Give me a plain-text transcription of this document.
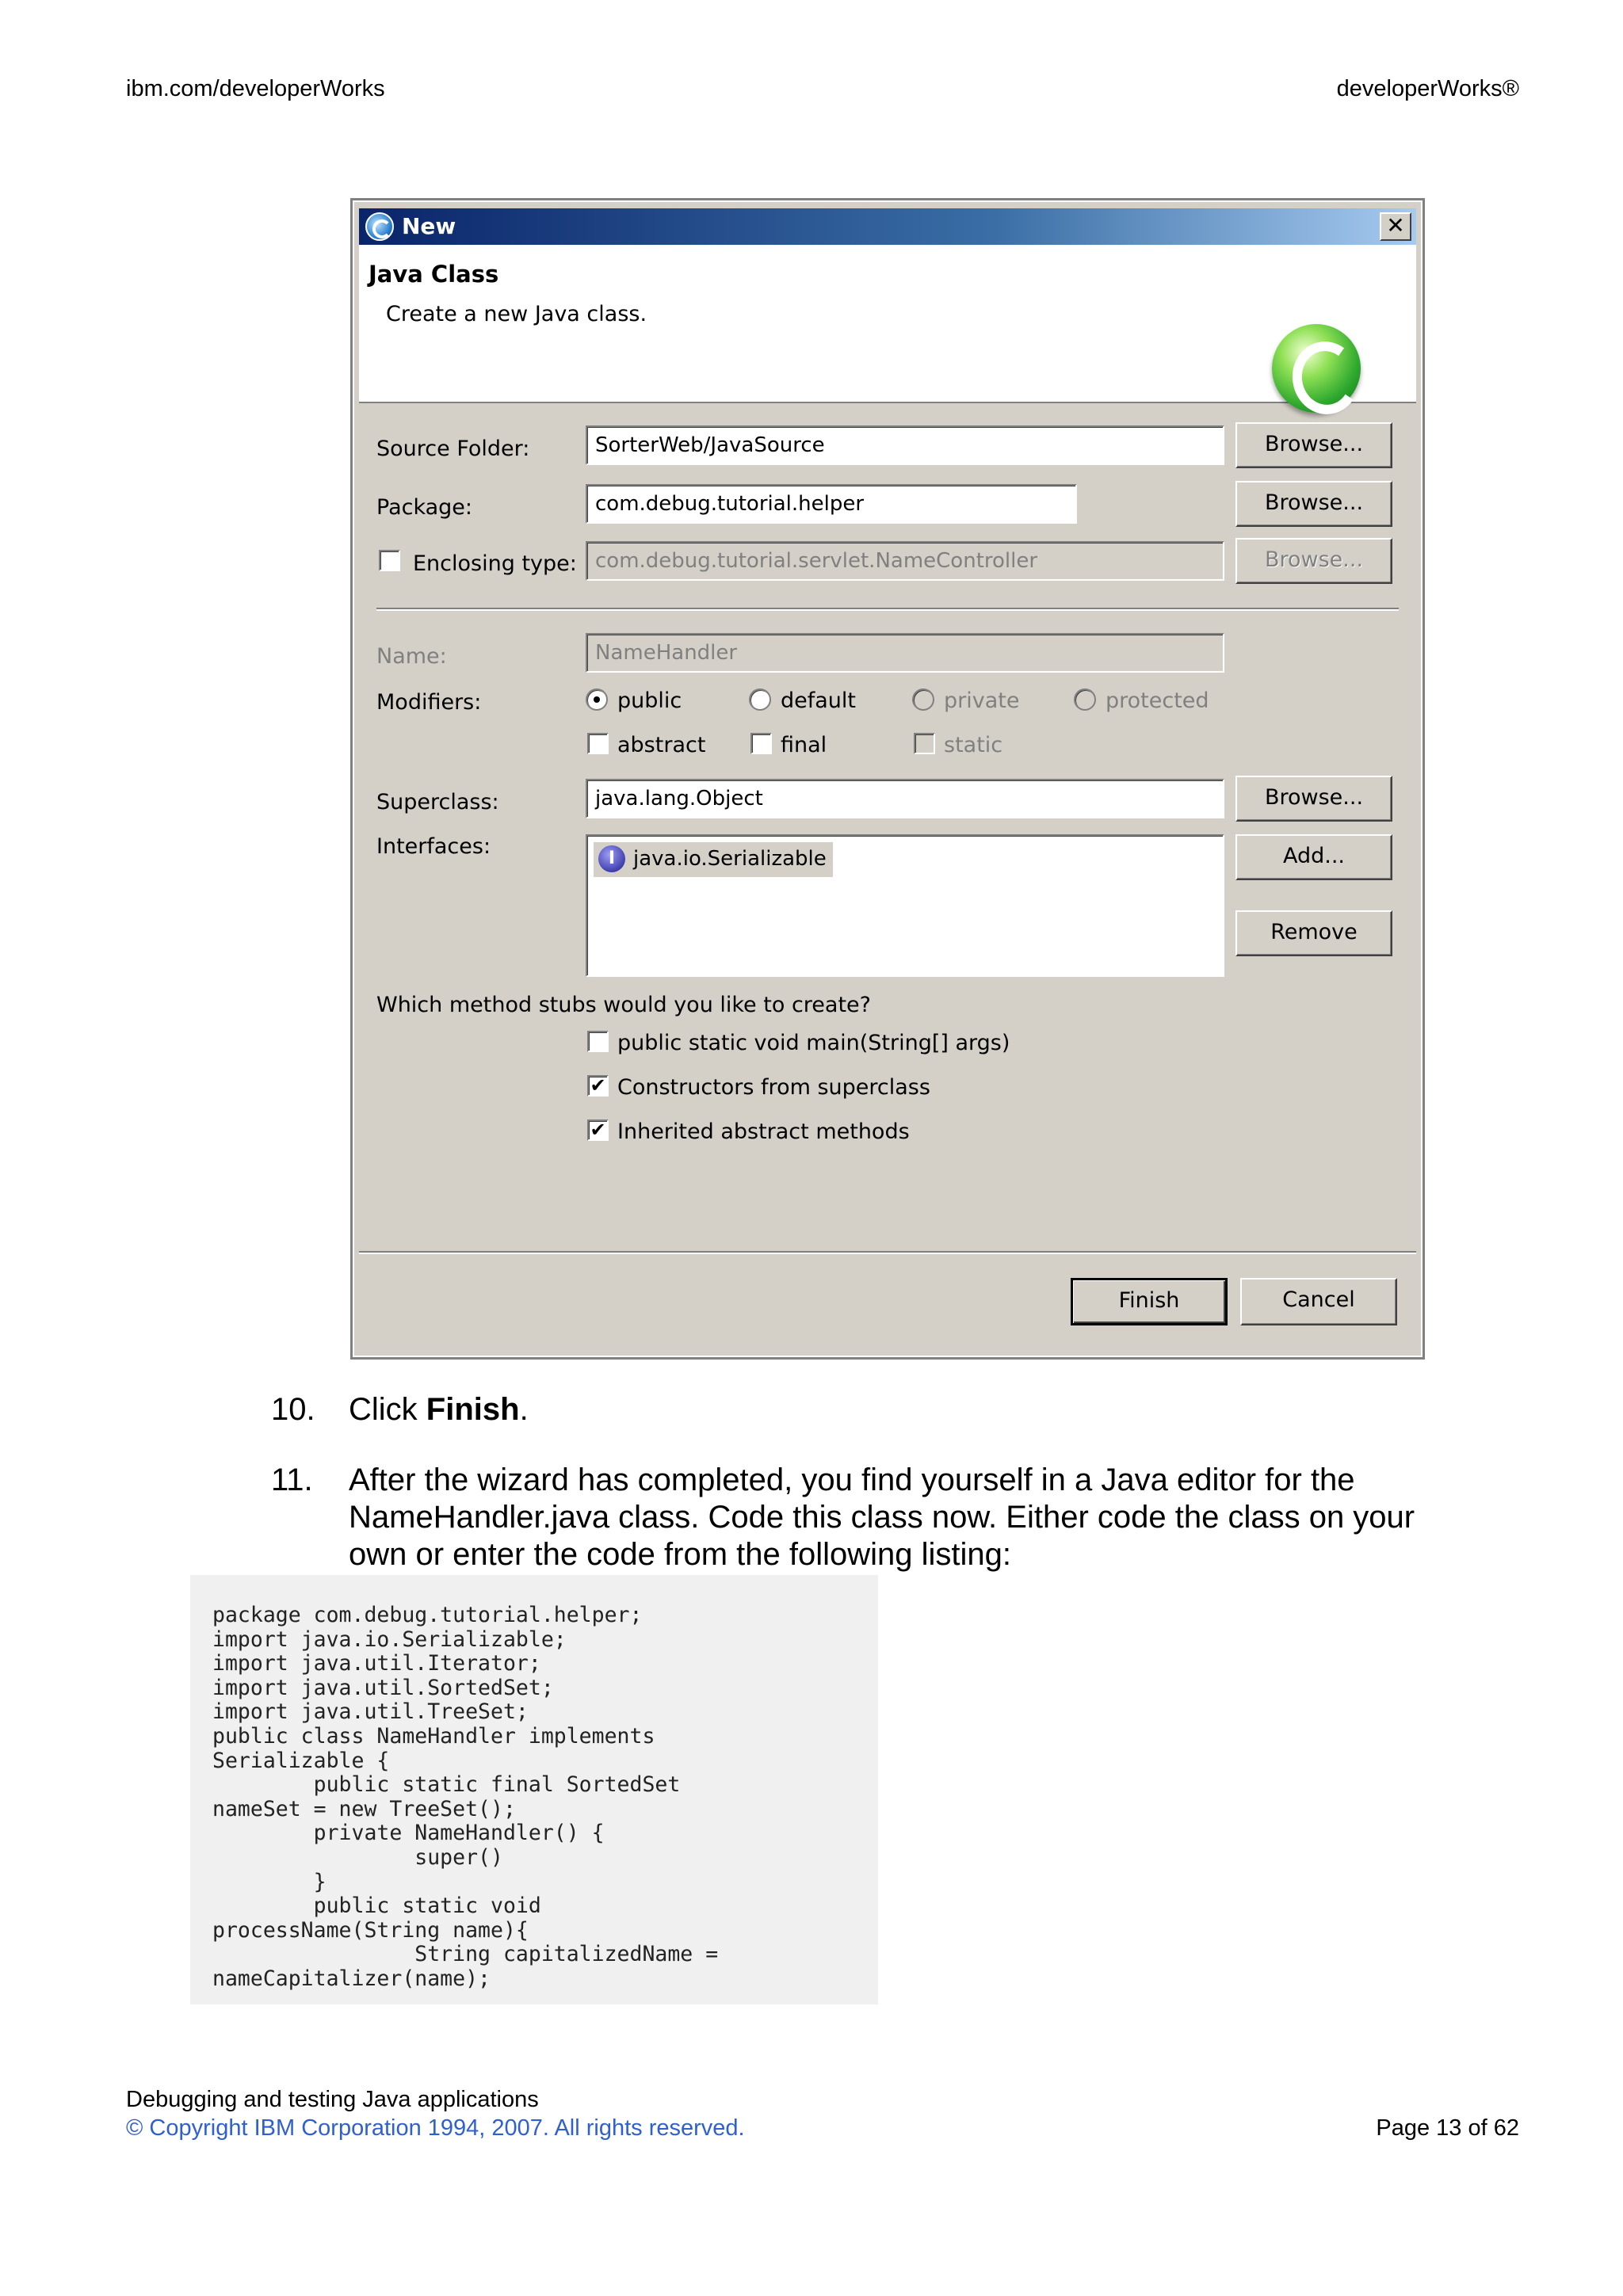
ibm.com/developerWorks	developerWorks®
New	✕
Java Class
Create a new Java class.
Source Folder:	SorterWeb/JavaSource	Browse...
Package:	com.debug.tutorial.helper	Browse...
Enclosing type: com.debug.tutorial.servlet.NameController	Browse...
Name:	NameHandler
Modifiers:	public	default	private	protected
abstract	final	static
Superclass:	java.lang.Object	Browse...
Interfaces:	I java.io.Serializable	Add...
Remove
Which method stubs would you like to create?
public static void main(String[] args)
✔ Constructors from superclass
✔ Inherited abstract methods
Finish	Cancel
10. Click Finish.
11. After the wizard has completed, you find yourself in a Java editor for the NameHandler.java class. Code this class now. Either code the class on your own or enter the code from the following listing:
package com.debug.tutorial.helper;
import java.io.Serializable;
import java.util.Iterator;
import java.util.SortedSet;
import java.util.TreeSet;
public class NameHandler implements
Serializable {
public static final SortedSet
nameSet = new TreeSet();
private NameHandler() {
super()
}
public static void
processName(String name){
String capitalizedName =
nameCapitalizer(name);
Debugging and testing Java applications
© Copyright IBM Corporation 1994, 2007. All rights reserved.	Page 13 of 62
